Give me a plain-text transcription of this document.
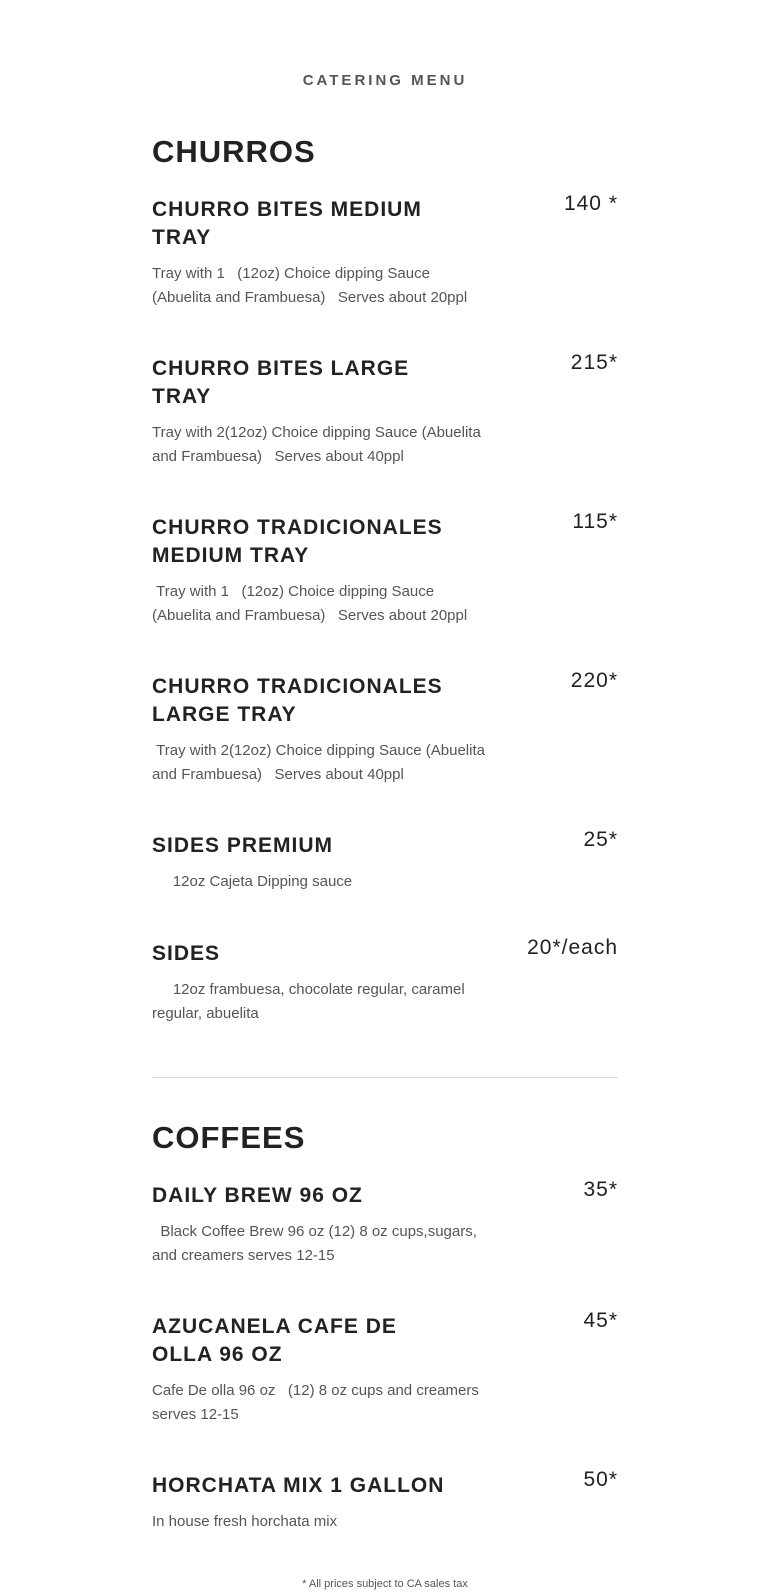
CATERING MENU
CHURROS
CHURRO BITES MEDIUM TRAY
140 *
Tray with 1   (12oz) Choice dipping Sauce (Abuelita and Frambuesa)   Serves about 20ppl
CHURRO BITES LARGE TRAY
215*
Tray with 2(12oz) Choice dipping Sauce (Abuelita and Frambuesa)   Serves about 40ppl
CHURRO TRADICIONALES MEDIUM TRAY
115*
Tray with 1   (12oz) Choice dipping Sauce (Abuelita and Frambuesa)   Serves about 20ppl
CHURRO TRADICIONALES LARGE TRAY
220*
Tray with 2(12oz) Choice dipping Sauce (Abuelita and Frambuesa)   Serves about 40ppl
SIDES PREMIUM	25*
12oz Cajeta Dipping sauce
SIDES	20*/each
12oz frambuesa, chocolate regular, caramel regular, abuelita
COFFEES
DAILY BREW 96 OZ	35*
Black Coffee Brew 96 oz (12) 8 oz cups,sugars, and creamers serves 12-15
AZUCANELA CAFE DE OLLA 96 OZ
45*
Cafe De olla 96 oz   (12) 8 oz cups and creamers   serves 12-15
HORCHATA MIX 1 GALLON	50*
In house fresh horchata mix
* All prices subject to CA sales tax
